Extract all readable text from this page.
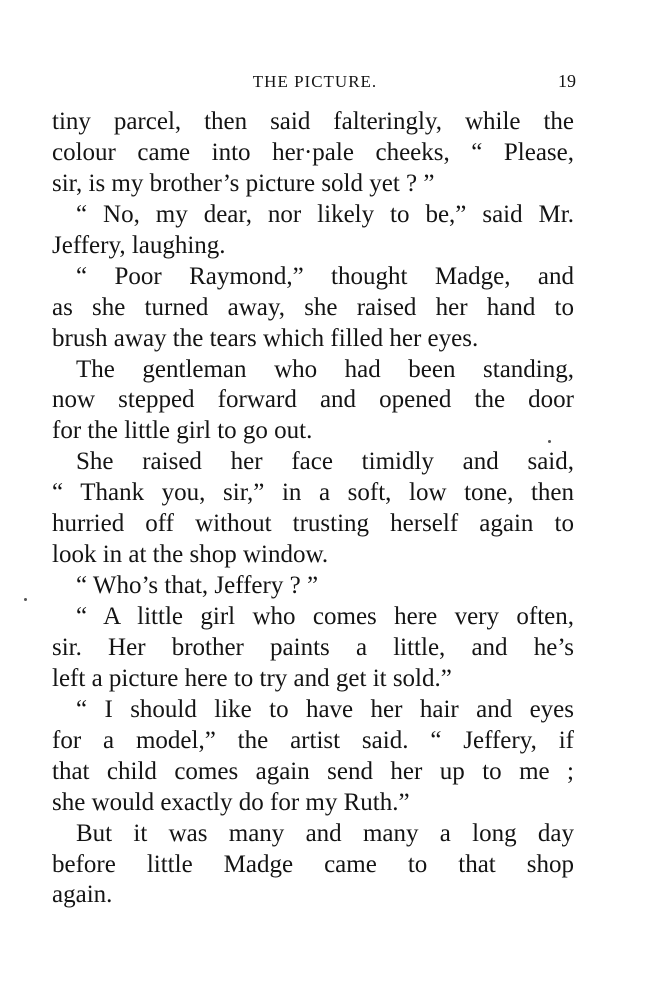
THE PICTURE.	19
tiny parcel, then said falteringly, while the
colour came into her·pale cheeks, “ Please,
sir, is my brother’s picture sold yet ? ”
“ No, my dear, nor likely to be,” said Mr.
Jeffery, laughing.
“ Poor Raymond,” thought Madge, and
as she turned away, she raised her hand to
brush away the tears which filled her eyes.
The gentleman who had been standing,
now stepped forward and opened the door
for the little girl to go out.
She raised her face timidly and said,
“ Thank you, sir,” in a soft, low tone, then
hurried off without trusting herself again to
look in at the shop window.
“ Who’s that, Jeffery ? ”
“ A little girl who comes here very often,
sir. Her brother paints a little, and he’s
left a picture here to try and get it sold.”
“ I should like to have her hair and eyes
for a model,” the artist said. “ Jeffery, if
that child comes again send her up to me ;
she would exactly do for my Ruth.”
But it was many and many a long day
before little Madge came to that shop
again.
